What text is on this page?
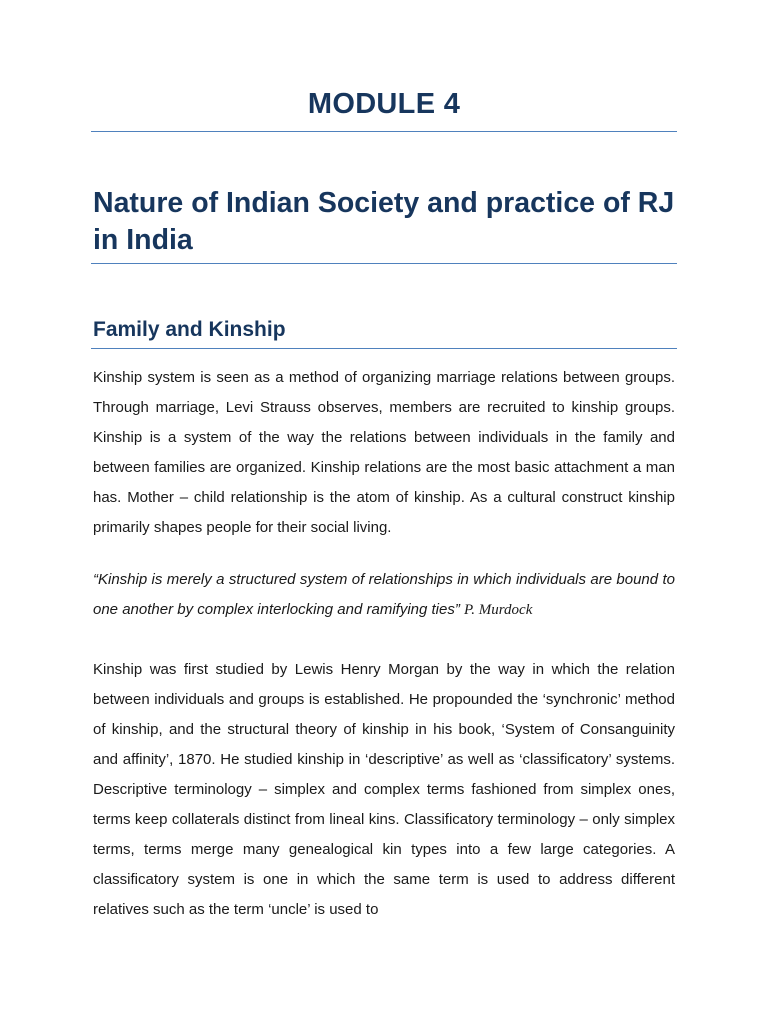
MODULE 4
Nature of Indian Society and practice of RJ in India
Family and Kinship

Kinship system is seen as a method of organizing marriage relations between groups. Through marriage, Levi Strauss observes, members are recruited to kinship groups. Kinship is a system of the way the relations between individuals in the family and between families are organized. Kinship relations are the most basic attachment a man has. Mother – child relationship is the atom of kinship. As a cultural construct kinship primarily shapes people for their social living.

“Kinship is merely a structured system of relationships in which individuals are bound to one another by complex interlocking and ramifying ties” P. Murdock

Kinship was first studied by Lewis Henry Morgan by the way in which the relation between individuals and groups is established. He propounded the ‘synchronic’ method of kinship, and the structural theory of kinship in his book, ‘System of Consanguinity and affinity’, 1870. He studied kinship in ‘descriptive’ as well as ‘classificatory’ systems. Descriptive terminology – simplex and complex terms fashioned from simplex ones, terms keep collaterals distinct from lineal kins. Classificatory terminology – only simplex terms, terms merge many genealogical kin types into a few large categories. A classificatory system is one in which the same term is used to address different relatives such as the term ‘uncle’ is used to
